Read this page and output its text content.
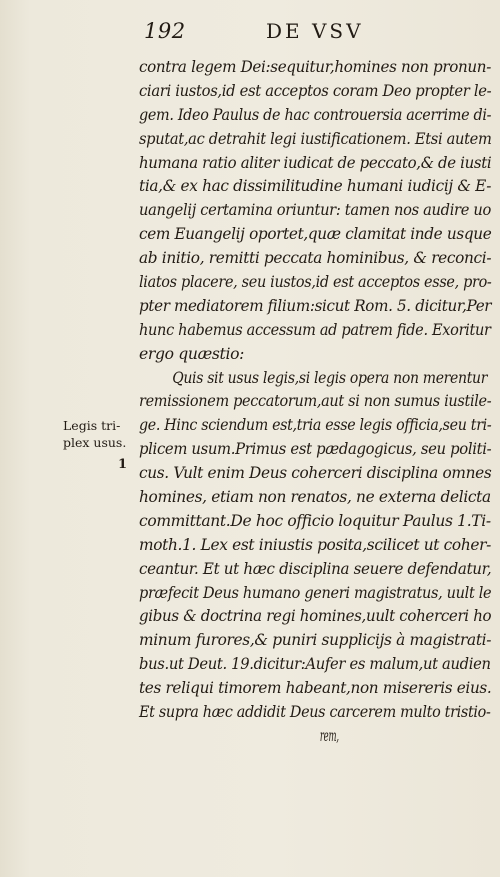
192	DE VSV
Legis tri-
plex usus.
1
contra legem Dei:sequitur,homines non pronun-
ciari iustos,id est acceptos coram Deo propter le-
gem. Ideo Paulus de hac controuersia acerrime di-
sputat,ac detrahit legi iustificationem. Etsi autem
humana ratio aliter iudicat de peccato,& de iusti
tia,& ex hac dissimilitudine humani iudicij & E-
uangelij certamina oriuntur: tamen nos audire uo
cem Euangelij oportet,quæ clamitat inde usque
ab initio, remitti peccata hominibus, & reconci-
liatos placere, seu iustos,id est acceptos esse, pro-
pter mediatorem filium:sicut Rom. 5. dicitur,Per
hunc habemus accessum ad patrem fide. Exoritur
ergo quæstio:
Quis sit usus legis,si legis opera non merentur
remissionem peccatorum,aut si non sumus iustile-
ge. Hinc sciendum est,tria esse legis officia,seu tri-
plicem usum.Primus est pædagogicus, seu politi-
cus. Vult enim Deus coherceri disciplina omnes
homines, etiam non renatos, ne externa delicta
committant.De hoc officio loquitur Paulus 1.Ti-
moth.1. Lex est iniustis posita,scilicet ut coher-
ceantur. Et ut hæc disciplina seuere defendatur,
præfecit Deus humano generi magistratus, uult le
gibus & doctrina regi homines,uult coherceri ho
minum furores,& puniri supplicijs à magistrati-
bus.ut Deut. 19.dicitur:Aufer es malum,ut audien
tes reliqui timorem habeant,non misereris eius.
Et supra hæc addidit Deus carcerem multo tristio-
rem,
